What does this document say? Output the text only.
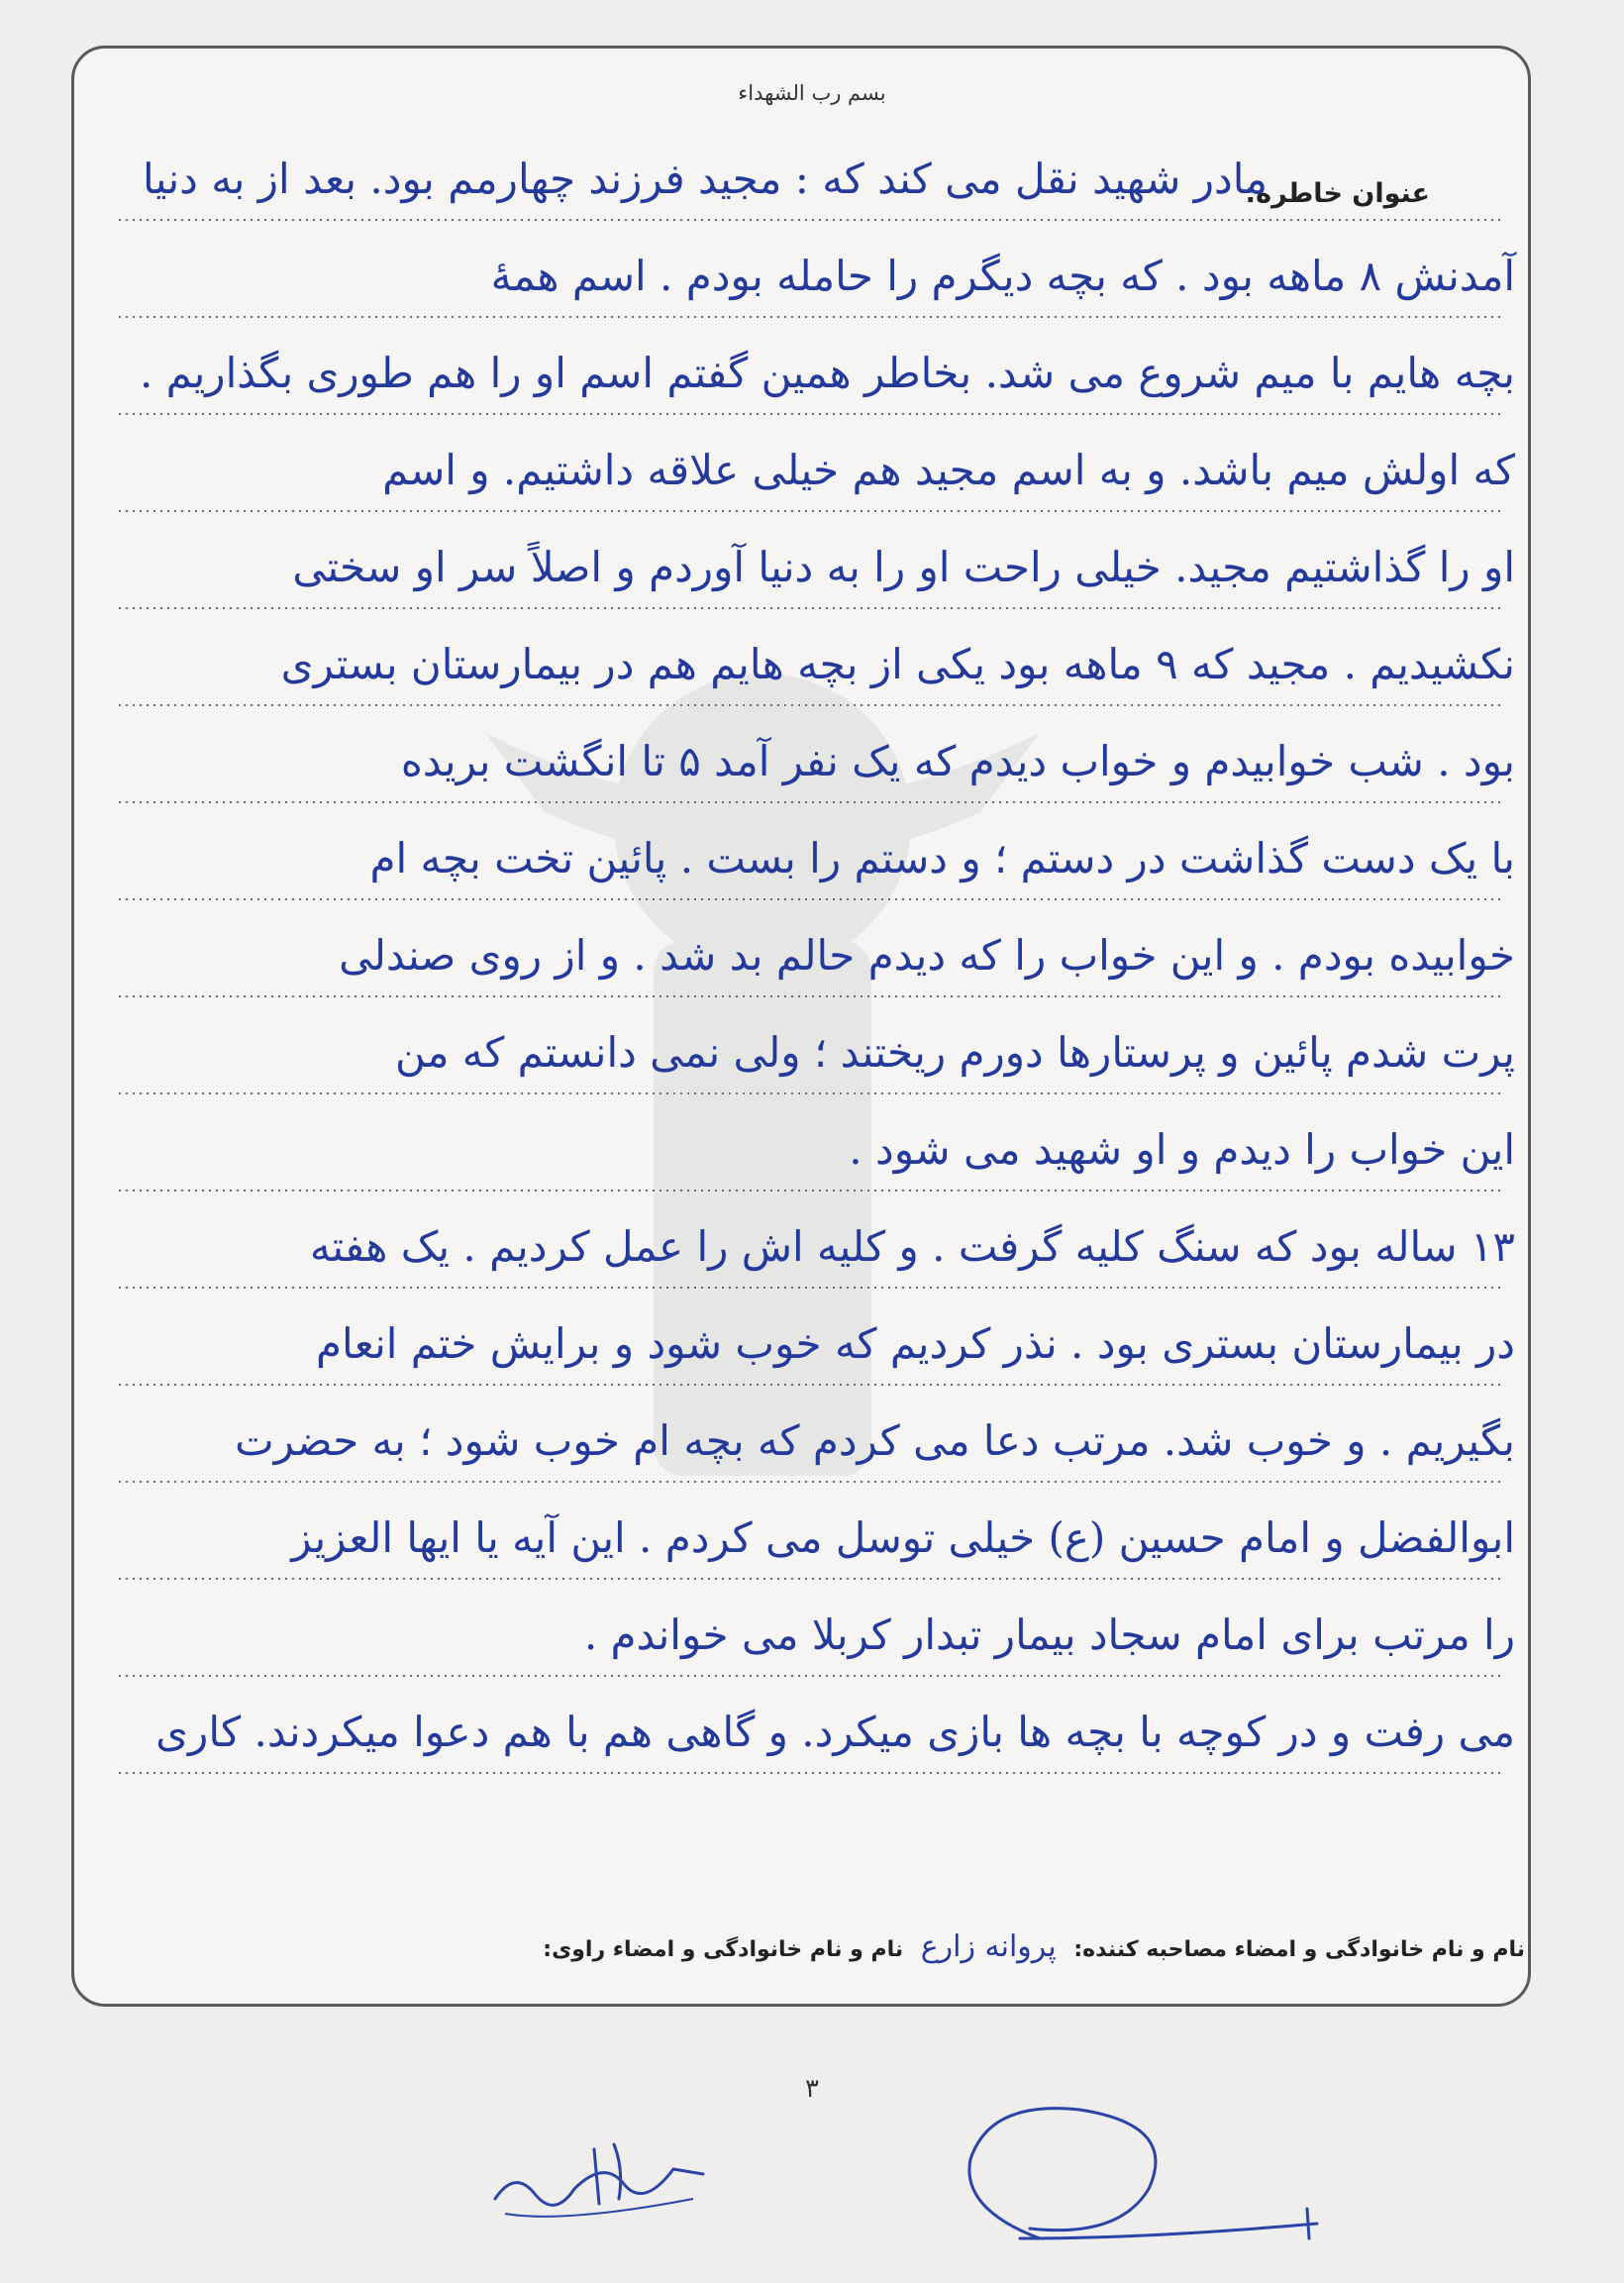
بسم رب الشهداء
عنوان خاطره:
مادر شهید نقل می کند که : مجید فرزند چهارمم بود. بعد از به دنیا
آمدنش ۸ ماهه بود . که بچه دیگرم را حامله بودم . اسم همهٔ
بچه هایم با میم شروع می شد. بخاطر همین گفتم اسم او را هم طوری بگذاریم .
که اولش میم باشد. و به اسم مجید هم خیلی علاقه داشتیم. و اسم
او را گذاشتیم مجید. خیلی راحت او را به دنیا آوردم و اصلاً سر او سختی
نکشیدیم . مجید که ۹ ماهه بود یکی از بچه هایم هم در بیمارستان بستری
بود . شب خوابیدم و خواب دیدم که یک نفر آمد ۵ تا انگشت بریده
با یک دست گذاشت در دستم ؛ و دستم را بست . پائین تخت بچه ام
خوابیده بودم . و این خواب را که دیدم حالم بد شد . و از روی صندلی
پرت شدم پائین و پرستارها دورم ریختند ؛ ولی نمی دانستم که من
این خواب را دیدم و او شهید می شود .
۱۳ ساله بود که سنگ کلیه گرفت . و کلیه اش را عمل کردیم . یک هفته
در بیمارستان بستری بود . نذر کردیم که خوب شود و برایش ختم انعام
بگیریم . و خوب شد. مرتب دعا می کردم که بچه ام خوب شود ؛ به حضرت
ابوالفضل و امام حسین (ع) خیلی توسل می کردم . این آیه یا ایها العزیز
را مرتب برای امام سجاد بیمار تبدار کربلا می خواندم .
می رفت و در کوچه با بچه ها بازی میکرد. و گاهی هم با هم دعوا میکردند. کاری
نام و نام خانوادگی و امضاء مصاحبه کننده: پروانه زارع نام و نام خانوادگی و امضاء راوی:
۳
